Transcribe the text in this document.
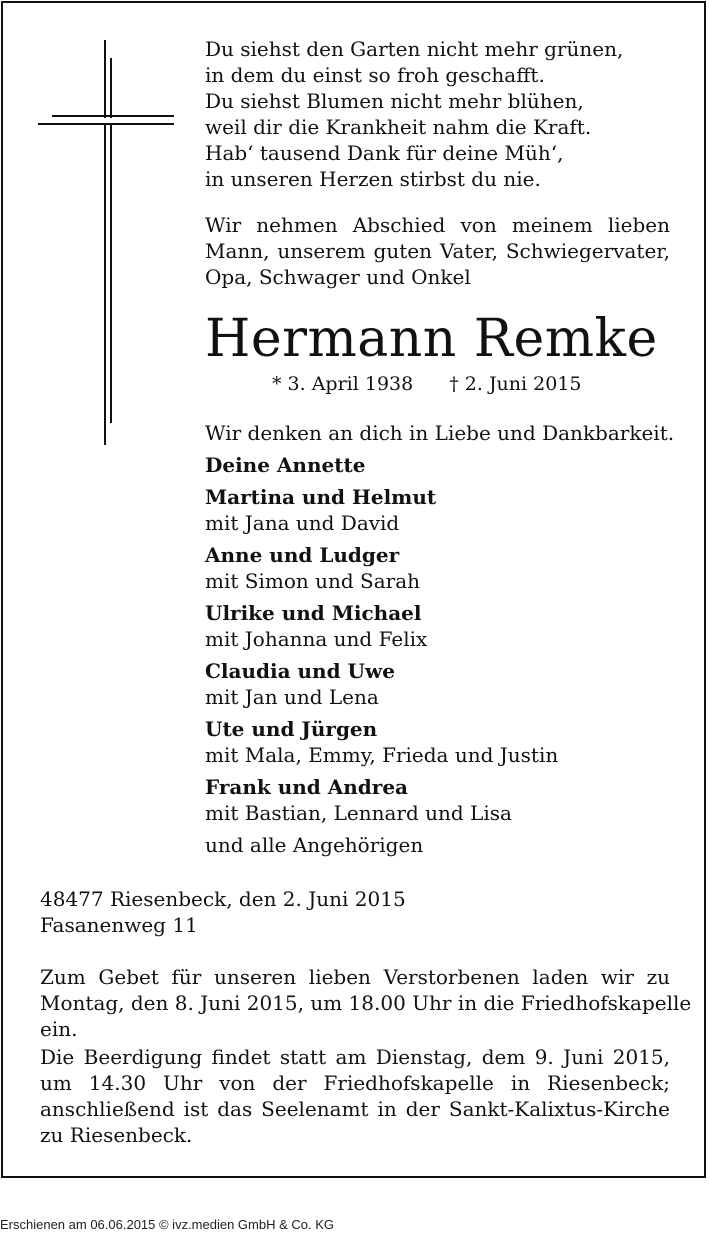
Du siehst den Garten nicht mehr grünen,
in dem du einst so froh geschafft.
Du siehst Blumen nicht mehr blühen,
weil dir die Krankheit nahm die Kraft.
Hab‘ tausend Dank für deine Müh‘,
in unseren Herzen stirbst du nie.
Wir nehmen Abschied von meinem lieben
Mann, unserem guten Vater, Schwiegervater,
Opa, Schwager und Onkel
Hermann Remke
* 3. April 1938 † 2. Juni 2015
Wir denken an dich in Liebe und Dankbarkeit.
Deine Annette
Martina und Helmut
mit Jana und David
Anne und Ludger
mit Simon und Sarah
Ulrike und Michael
mit Johanna und Felix
Claudia und Uwe
mit Jan und Lena
Ute und Jürgen
mit Mala, Emmy, Frieda und Justin
Frank und Andrea
mit Bastian, Lennard und Lisa
und alle Angehörigen
48477 Riesenbeck, den 2. Juni 2015
Fasanenweg 11
Zum Gebet für unseren lieben Verstorbenen laden wir zu
Montag, den 8. Juni 2015, um 18.00 Uhr in die Friedhofskapelle
ein.
Die Beerdigung findet statt am Dienstag, dem 9. Juni 2015,
um 14.30 Uhr von der Friedhofskapelle in Riesenbeck;
anschließend ist das Seelenamt in der Sankt-Kalixtus-Kirche
zu Riesenbeck.
Erschienen am 06.06.2015 © ivz.medien GmbH & Co. KG
